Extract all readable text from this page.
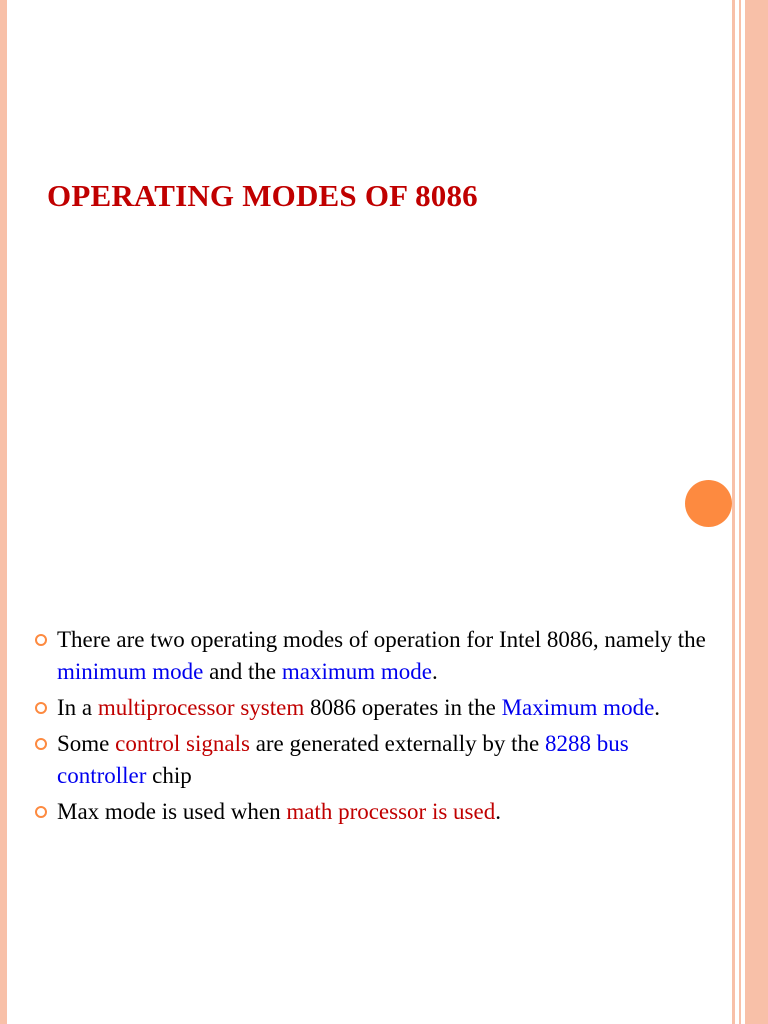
OPERATING MODES OF 8086
There are two operating modes of operation for Intel 8086, namely the minimum mode and the maximum mode.
In a multiprocessor system 8086 operates in the Maximum mode.
Some control signals are generated externally by the 8288 bus controller chip
Max mode is used when math processor is used.
